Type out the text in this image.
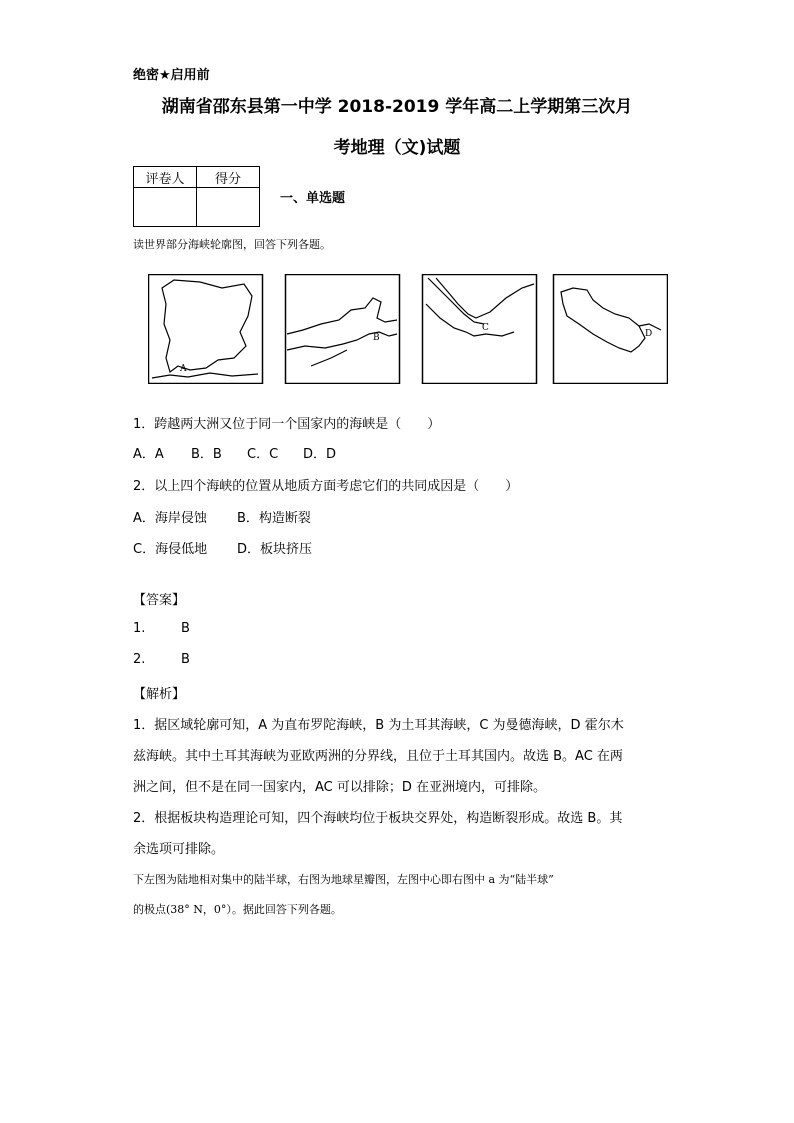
绝密★启用前
湖南省邵东县第一中学 2018-2019 学年高二上学期第三次月
考地理（文)试题
评卷人	得分

一、单选题
读世界部分海峡轮廓图，回答下列各题。
A
B
C
D
1．跨越两大洲又位于同一个国家内的海峡是（　　）
A．A B．B C．C D．D
2．以上四个海峡的位置从地质方面考虑它们的共同成因是（　　）
A．海岸侵蚀 B．构造断裂
C．海侵低地 D．板块挤压
【答案】
1.	B
2.	B
【解析】
1．据区域轮廓可知，A 为直布罗陀海峡，B 为土耳其海峡，C 为曼德海峡，D 霍尔木
兹海峡。其中土耳其海峡为亚欧两洲的分界线，且位于土耳其国内。故选 B。AC 在两
洲之间，但不是在同一国家内，AC 可以排除；D 在亚洲境内，可排除。
2．根据板块构造理论可知，四个海峡均位于板块交界处，构造断裂形成。故选 B。其
余选项可排除。
下左图为陆地相对集中的陆半球，右图为地球星瓣图，左图中心即右图中 a 为“陆半球”
的极点(38° N，0°）。据此回答下列各题。
